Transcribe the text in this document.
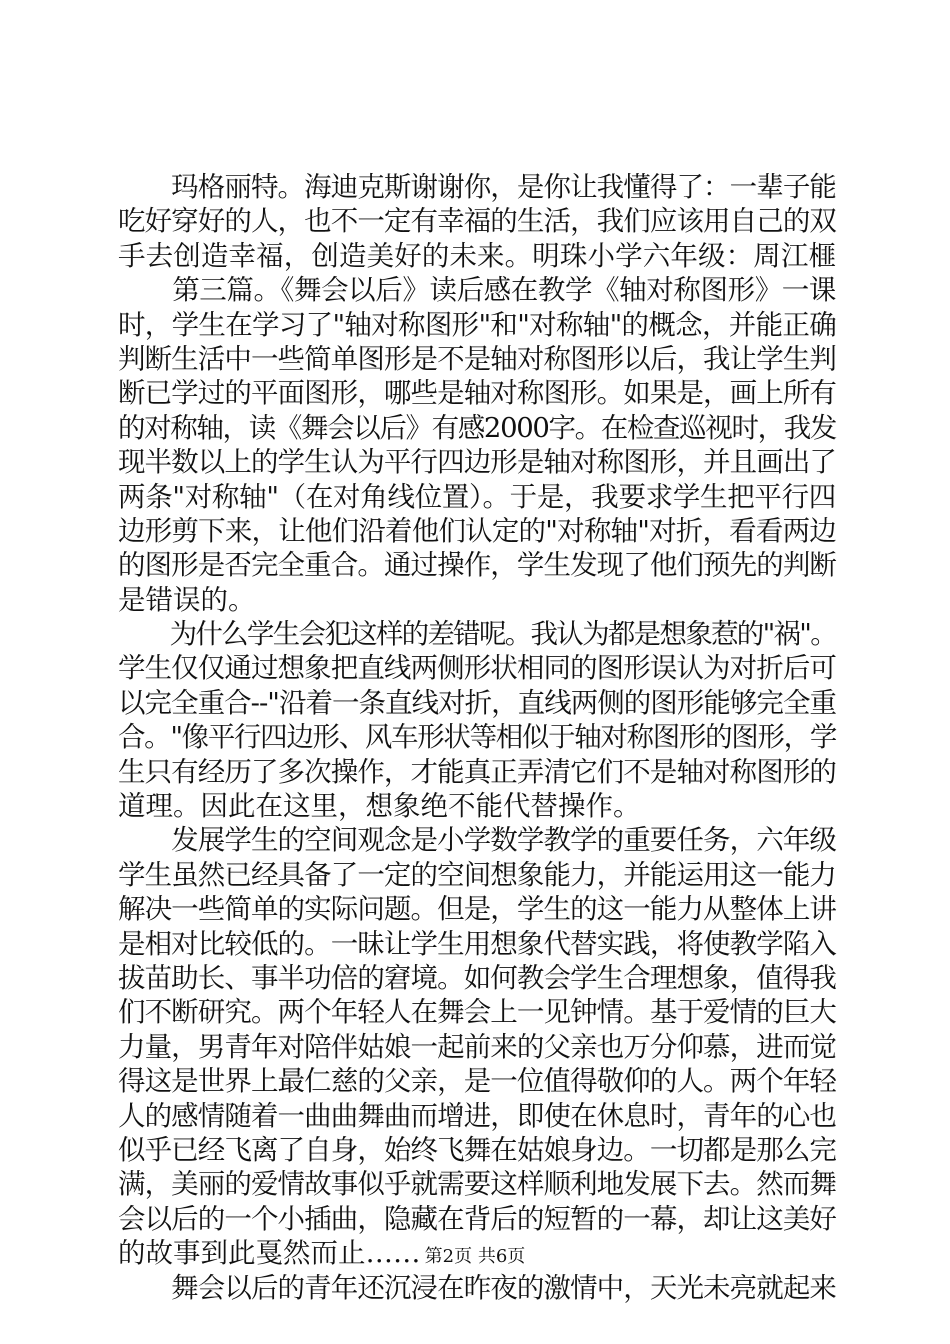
　　玛格丽特。海迪克斯谢谢你，是你让我懂得了：一辈子能
吃好穿好的人，也不一定有幸福的生活，我们应该用自己的双
手去创造幸福，创造美好的未来。明珠小学六年级：周江榧
　　第三篇。《舞会以后》读后感在教学《轴对称图形》一课
时，学生在学习了"轴对称图形"和"对称轴"的概念，并能正确
判断生活中一些简单图形是不是轴对称图形以后，我让学生判
断已学过的平面图形，哪些是轴对称图形。如果是，画上所有
的对称轴，读《舞会以后》有感2000字。在检查巡视时，我发
现半数以上的学生认为平行四边形是轴对称图形，并且画出了
两条"对称轴"（在对角线位置）。于是，我要求学生把平行四
边形剪下来，让他们沿着他们认定的"对称轴"对折，看看两边
的图形是否完全重合。通过操作，学生发现了他们预先的判断
是错误的。
　　为什么学生会犯这样的差错呢。我认为都是想象惹的"祸"。
学生仅仅通过想象把直线两侧形状相同的图形误认为对折后可
以完全重合--"沿着一条直线对折，直线两侧的图形能够完全重
合。"像平行四边形、风车形状等相似于轴对称图形的图形，学
生只有经历了多次操作，才能真正弄清它们不是轴对称图形的
道理。因此在这里，想象绝不能代替操作。
　　发展学生的空间观念是小学数学教学的重要任务，六年级
学生虽然已经具备了一定的空间想象能力，并能运用这一能力
解决一些简单的实际问题。但是，学生的这一能力从整体上讲
是相对比较低的。一昧让学生用想象代替实践，将使教学陷入
拔苗助长、事半功倍的窘境。如何教会学生合理想象，值得我
们不断研究。两个年轻人在舞会上一见钟情。基于爱情的巨大
力量，男青年对陪伴姑娘一起前来的父亲也万分仰慕，进而觉
得这是世界上最仁慈的父亲，是一位值得敬仰的人。两个年轻
人的感情随着一曲曲舞曲而增进，即使在休息时，青年的心也
似乎已经飞离了自身，始终飞舞在姑娘身边。一切都是那么完
满，美丽的爱情故事似乎就需要这样顺利地发展下去。然而舞
会以后的一个小插曲，隐藏在背后的短暂的一幕，却让这美好
的故事到此戛然而止……
　　舞会以后的青年还沉浸在昨夜的激情中，天光未亮就起来
第2页 共6页
